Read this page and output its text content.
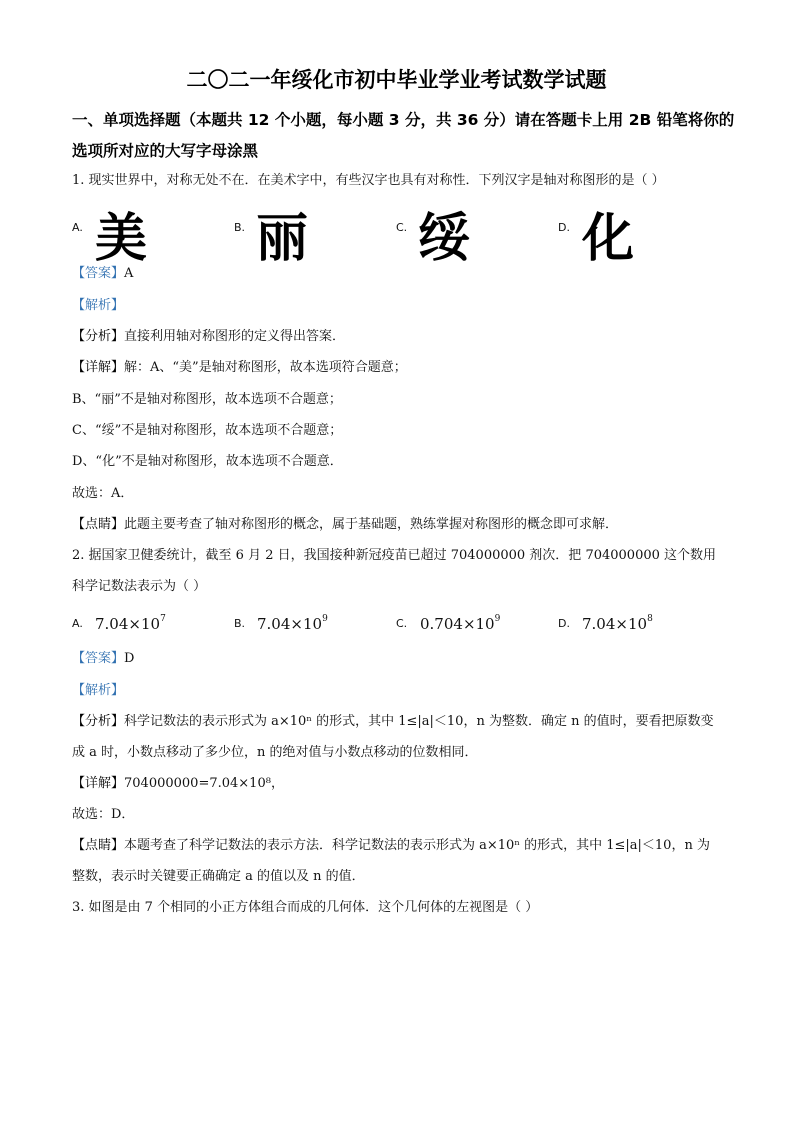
二〇二一年绥化市初中毕业学业考试数学试题
一、单项选择题（本题共 12 个小题，每小题 3 分，共 36 分）请在答题卡上用 2B 铅笔将你的
选项所对应的大写字母涂黑
1. 现实世界中，对称无处不在．在美术字中，有些汉字也具有对称性．下列汉字是轴对称图形的是（ ）
A. 美	B. 丽	C. 绥	D. 化
【答案】A
【解析】
【分析】直接利用轴对称图形的定义得出答案．
【详解】解：A、“美”是轴对称图形，故本选项符合题意；
B、“丽”不是轴对称图形，故本选项不合题意；
C、“绥”不是轴对称图形，故本选项不合题意；
D、“化”不是轴对称图形，故本选项不合题意．
故选：A．
【点睛】此题主要考查了轴对称图形的概念，属于基础题，熟练掌握对称图形的概念即可求解．
2. 据国家卫健委统计，截至 6 月 2 日，我国接种新冠疫苗已超过 704000000 剂次．把 704000000 这个数用
科学记数法表示为（ ）
A. $7.04\times 10^7$	B. $7.04\times 10^9$	C. $0.704\times 10^9$	D. $7.04\times 10^8$
【答案】D
【解析】
【分析】科学记数法的表示形式为 a×10ⁿ 的形式，其中 1≤|a|＜10，n 为整数．确定 n 的值时，要看把原数变
成 a 时，小数点移动了多少位，n 的绝对值与小数点移动的位数相同．
【详解】704000000=7.04×10⁸，
故选：D．
【点睛】本题考查了科学记数法的表示方法．科学记数法的表示形式为 a×10ⁿ 的形式，其中 1≤|a|＜10，n 为
整数，表示时关键要正确确定 a 的值以及 n 的值．
3. 如图是由 7 个相同的小正方体组合而成的几何体．这个几何体的左视图是（ ）
